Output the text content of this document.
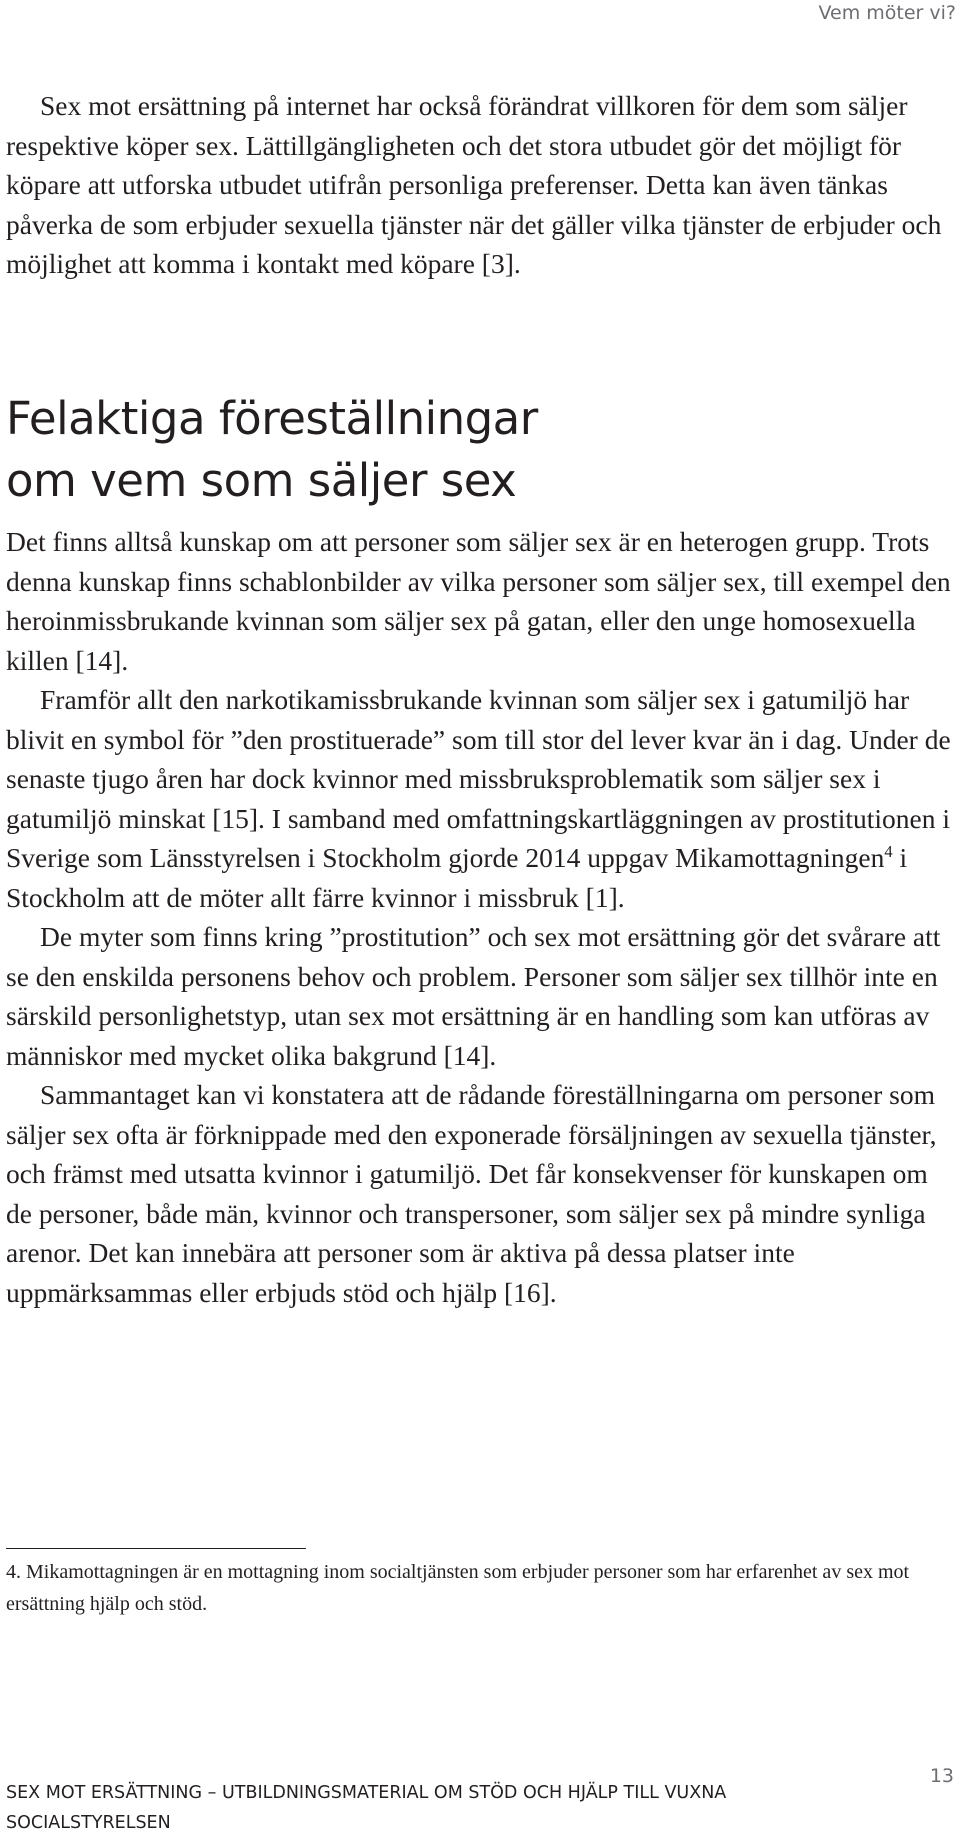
Vem möter vi?

Sex mot ersättning på internet har också förändrat villkoren för dem som säljer respektive köper sex. Lättillgängligheten och det stora utbudet gör det möjligt för köpare att utforska utbudet utifrån personliga preferenser. Detta kan även tänkas påverka de som erbjuder sexuella tjänster när det gäller vilka tjänster de erbjuder och möjlighet att komma i kontakt med köpare [3].

Felaktiga föreställningar
om vem som säljer sex

Det finns alltså kunskap om att personer som säljer sex är en heterogen grupp. Trots denna kunskap finns schablonbilder av vilka personer som säljer sex, till exempel den heroinmissbrukande kvinnan som säljer sex på gatan, eller den unge homosexuella killen [14].

Framför allt den narkotikamissbrukande kvinnan som säljer sex i gatumiljö har blivit en symbol för ”den prostituerade” som till stor del lever kvar än i dag. Under de senaste tjugo åren har dock kvinnor med missbruksproblematik som säljer sex i gatumiljö minskat [15]. I samband med omfattningskartläggningen av prostitutionen i Sverige som Länsstyrelsen i Stockholm gjorde 2014 uppgav Mikamottagningen$^4$ i Stockholm att de möter allt färre kvinnor i missbruk [1].

De myter som finns kring ”prostitution” och sex mot ersättning gör det svårare att se den enskilda personens behov och problem. Personer som säljer sex tillhör inte en särskild personlighetstyp, utan sex mot ersättning är en handling som kan utföras av människor med mycket olika bakgrund [14].

Sammantaget kan vi konstatera att de rådande föreställningarna om personer som säljer sex ofta är förknippade med den exponerade försäljningen av sexuella tjänster, och främst med utsatta kvinnor i gatumiljö. Det får konsekvenser för kunskapen om de personer, både män, kvinnor och transpersoner, som säljer sex på mindre synliga arenor. Det kan innebära att personer som är aktiva på dessa platser inte uppmärksammas eller erbjuds stöd och hjälp [16].

4. Mikamottagningen är en mottagning inom socialtjänsten som erbjuder personer som har erfarenhet av sex mot ersättning hjälp och stöd.

13
SEX MOT ERSÄTTNING – UTBILDNINGSMATERIAL OM STÖD OCH HJÄLP TILL VUXNA
SOCIALSTYRELSEN
